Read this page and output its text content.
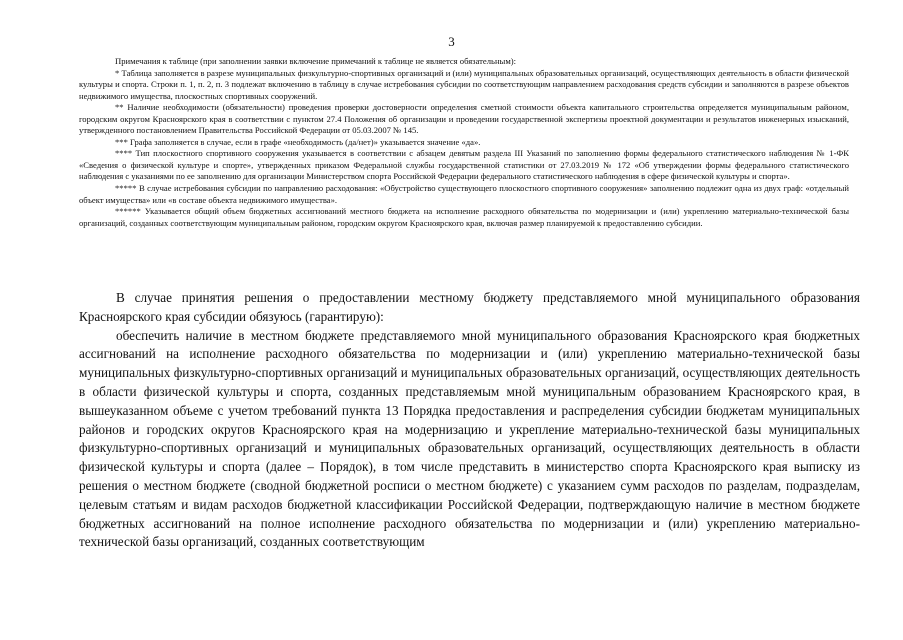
3

Примечания к таблице (при заполнении заявки включение примечаний к таблице не является обязательным):

* Таблица заполняется в разрезе муниципальных физкультурно-спортивных организаций и (или) муниципальных образовательных организаций, осуществляющих деятельность в области физической культуры и спорта. Строки п. 1, п. 2, п. 3 подлежат включению в таблицу в случае истребования субсидии по соответствующим направлением расходования средств субсидии и заполняются в разрезе объектов недвижимого имущества, плоскостных спортивных сооружений.

** Наличие необходимости (обязательности) проведения проверки достоверности определения сметной стоимости объекта капитального строительства определяется муниципальным районом, городским округом Красноярского края в соответствии с пунктом 27.4 Положения об организации и проведении государственной экспертизы проектной документации и результатов инженерных изысканий, утвержденного постановлением Правительства Российской Федерации от 05.03.2007 № 145.

*** Графа заполняется в случае, если в графе «необходимость (да/нет)» указывается значение «да».

**** Тип плоскостного спортивного сооружения указывается в соответствии с абзацем девятым раздела III Указаний по заполнению формы федерального статистического наблюдения № 1-ФК «Сведения о физической культуре и спорте», утвержденных приказом Федеральной службы государственной статистики от 27.03.2019 № 172 «Об утверждении формы федерального статистического наблюдения с указаниями по ее заполнению для организации Министерством спорта Российской Федерации федерального статистического наблюдения в сфере физической культуры и спорта».

***** В случае истребования субсидии по направлению расходования: «Обустройство существующего плоскостного спортивного сооружения» заполнению подлежит одна из двух граф: «отдельный объект имущества» или «в составе объекта недвижимого имущества».

****** Указывается общий объем бюджетных ассигнований местного бюджета на исполнение расходного обязательства по модернизации и (или) укреплению материально-технической базы организаций, созданных соответствующим муниципальным районом, городским округом Красноярского края, включая размер планируемой к предоставлению субсидии.

В случае принятия решения о предоставлении местному бюджету представляемого мной муниципального образования Красноярского края субсидии обязуюсь (гарантирую):

обеспечить наличие в местном бюджете представляемого мной муниципального образования Красноярского края бюджетных ассигнований на исполнение расходного обязательства по модернизации и (или) укреплению материально-технической базы муниципальных физкультурно-спортивных организаций и муниципальных образовательных организаций, осуществляющих деятельность в области физической культуры и спорта, созданных представляемым мной муниципальным образованием Красноярского края, в вышеуказанном объеме с учетом требований пункта 13 Порядка предоставления и распределения субсидии бюджетам муниципальных районов и городских округов Красноярского края на модернизацию и укрепление материально-технической базы муниципальных физкультурно-спортивных организаций и муниципальных образовательных организаций, осуществляющих деятельность в области физической культуры и спорта (далее – Порядок), в том числе представить в министерство спорта Красноярского края выписку из решения о местном бюджете (сводной бюджетной росписи о местном бюджете) с указанием сумм расходов по разделам, подразделам, целевым статьям и видам расходов бюджетной классификации Российской Федерации, подтверждающую наличие в местном бюджете бюджетных ассигнований на полное исполнение расходного обязательства по модернизации и (или) укреплению материально-технической базы организаций, созданных соответствующим
